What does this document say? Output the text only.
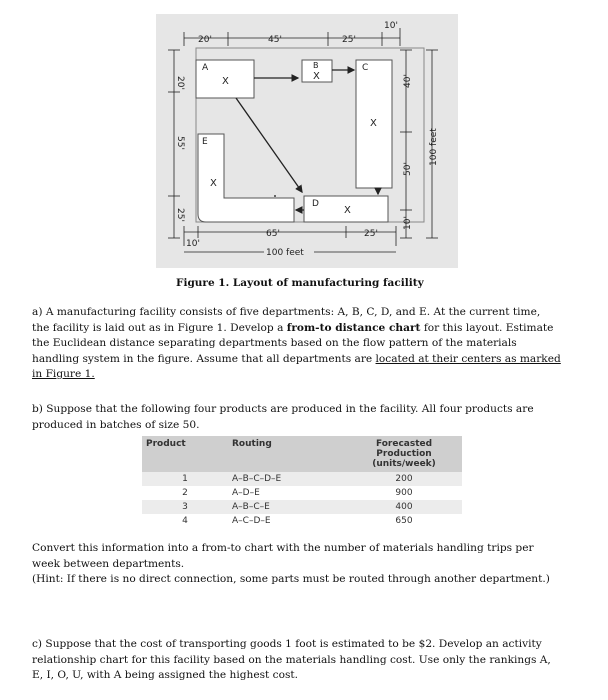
20'	45'	25'
10'
20'
55'
25'
A
X
B
X
C
X
D
X
E
X
40'
50'
10'
100 feet
10'
65'	25'
100 feet
Figure 1. Layout of manufacturing facility
a) A manufacturing facility consists of five departments: A, B, C, D, and E. At the current time,
the facility is laid out as in Figure 1. Develop a from-to distance chart for this layout. Estimate
the Euclidean distance separating departments based on the flow pattern of the materials
handling system in the figure. Assume that all departments are located at their centers as marked
in Figure 1.
b) Suppose that the following four products are produced in the facility. All four products are
produced in batches of size 50.
Product	Routing	Forecasted Production
(units/week)

1	A–B–C–D–E	200
2	A–D–E	900
3	A–B–C–E	400
4	A–C–D–E	650
Convert this information into a from-to chart with the number of materials handling trips per
week between departments.
(Hint: If there is no direct connection, some parts must be routed through another department.)
c) Suppose that the cost of transporting goods 1 foot is estimated to be $2. Develop an activity
relationship chart for this facility based on the materials handling cost. Use only the rankings A,
E, I, O, U, with A being assigned the highest cost.
